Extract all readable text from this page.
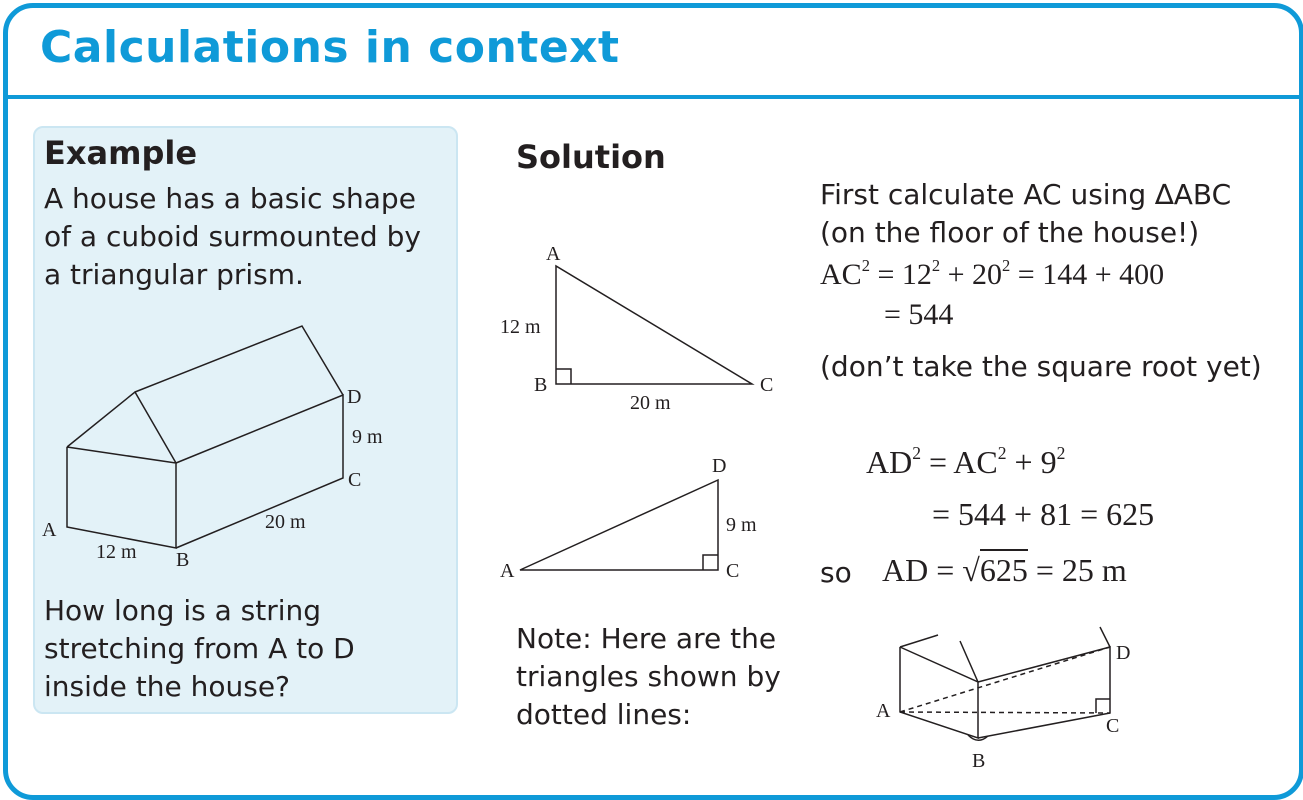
Calculations in context
Example
A house has a basic shape
of a cuboid surmounted by
a triangular prism.
A
B
C
D
12 m
20 m
9 m
How long is a string
stretching from A to D
inside the house?
Solution
A
B	C
12 m
20 m
First calculate AC using ∆ABC
(on the floor of the house!)
$AC^2 = 12^2 + 20^2 = 144 + 400$
= 544
(don’t take the square root yet)
D
A	C
9 m
$AD^2 = AC^2 + 9^2$
= 544 + 81 = 625
so AD = √625 = 25 m
Note: Here are the
triangles shown by
dotted lines:	A
B
C
D
